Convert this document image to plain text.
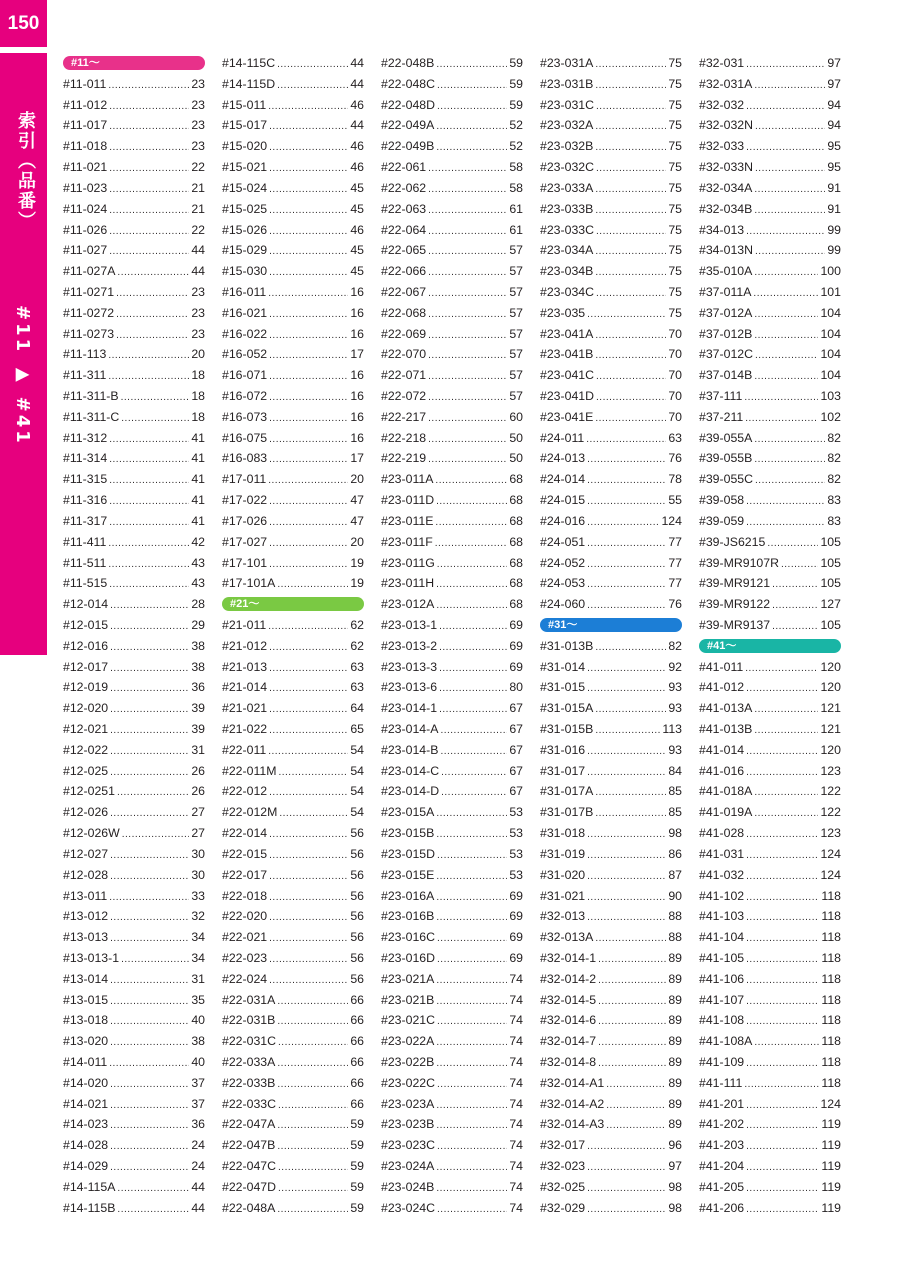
150
索引（品番）
#11 ▶ #41
#11〜
#11-011 .....	23
#11-012 .....	23
#11-017 .....	23
#11-018 .....	23
#11-021 .....	22
#11-023 .....	21
#11-024 .....	21
#11-026 .....	22
#11-027 .....	44
#11-027A .....	44
#11-0271 .....	23
#11-0272 .....	23
#11-0273 .....	23
#11-113 .....	20
#11-311 .....	18
#11-311-B .....	18
#11-311-C .....	18
#11-312 .....	41
#11-314 .....	41
#11-315 .....	41
#11-316 .....	41
#11-317 .....	41
#11-411 .....	42
#11-511 .....	43
#11-515 .....	43
#12-014 .....	28
#12-015 .....	29
#12-016 .....	38
#12-017 .....	38
#12-019 .....	36
#12-020 .....	39
#12-021 .....	39
#12-022 .....	31
#12-025 .....	26
#12-0251 .....	26
#12-026 .....	27
#12-026W .....	27
#12-027 .....	30
#12-028 .....	30
#13-011 .....	33
#13-012 .....	32
#13-013 .....	34
#13-013-1 .....	34
#13-014 .....	31
#13-015 .....	35
#13-018 .....	40
#13-020 .....	38
#14-011 .....	40
#14-020 .....	37
#14-021 .....	37
#14-023 .....	36
#14-028 .....	24
#14-029 .....	24
#14-115A .....	44
#14-115B .....	44
#14-115C .....	44
#14-115D .....	44
#15-011 .....	46
#15-017 .....	44
#15-020 .....	46
#15-021 .....	46
#15-024 .....	45
#15-025 .....	45
#15-026 .....	46
#15-029 .....	45
#15-030 .....	45
#16-011 .....	16
#16-021 .....	16
#16-022 .....	16
#16-052 .....	17
#16-071 .....	16
#16-072 .....	16
#16-073 .....	16
#16-075 .....	16
#16-083 .....	17
#17-011 .....	20
#17-022 .....	47
#17-026 .....	47
#17-027 .....	20
#17-101 .....	19
#17-101A .....	19
#21〜
#21-011 .....	62
#21-012 .....	62
#21-013 .....	63
#21-014 .....	63
#21-021 .....	64
#21-022 .....	65
#22-011 .....	54
#22-011M .....	54
#22-012 .....	54
#22-012M .....	54
#22-014 .....	56
#22-015 .....	56
#22-017 .....	56
#22-018 .....	56
#22-020 .....	56
#22-021 .....	56
#22-023 .....	56
#22-024 .....	56
#22-031A .....	66
#22-031B .....	66
#22-031C .....	66
#22-033A .....	66
#22-033B .....	66
#22-033C .....	66
#22-047A .....	59
#22-047B .....	59
#22-047C .....	59
#22-047D .....	59
#22-048A .....	59
#22-048B .....	59
#22-048C .....	59
#22-048D .....	59
#22-049A .....	52
#22-049B .....	52
#22-061 .....	58
#22-062 .....	58
#22-063 .....	61
#22-064 .....	61
#22-065 .....	57
#22-066 .....	57
#22-067 .....	57
#22-068 .....	57
#22-069 .....	57
#22-070 .....	57
#22-071 .....	57
#22-072 .....	57
#22-217 .....	60
#22-218 .....	50
#22-219 .....	50
#23-011A .....	68
#23-011D .....	68
#23-011E .....	68
#23-011F .....	68
#23-011G .....	68
#23-011H .....	68
#23-012A .....	68
#23-013-1 .....	69
#23-013-2 .....	69
#23-013-3 .....	69
#23-013-6 .....	80
#23-014-1 .....	67
#23-014-A .....	67
#23-014-B .....	67
#23-014-C .....	67
#23-014-D .....	67
#23-015A .....	53
#23-015B .....	53
#23-015D .....	53
#23-015E .....	53
#23-016A .....	69
#23-016B .....	69
#23-016C .....	69
#23-016D .....	69
#23-021A .....	74
#23-021B .....	74
#23-021C .....	74
#23-022A .....	74
#23-022B .....	74
#23-022C .....	74
#23-023A .....	74
#23-023B .....	74
#23-023C .....	74
#23-024A .....	74
#23-024B .....	74
#23-024C .....	74
#23-031A .....	75
#23-031B .....	75
#23-031C .....	75
#23-032A .....	75
#23-032B .....	75
#23-032C .....	75
#23-033A .....	75
#23-033B .....	75
#23-033C .....	75
#23-034A .....	75
#23-034B .....	75
#23-034C .....	75
#23-035 .....	75
#23-041A .....	70
#23-041B .....	70
#23-041C .....	70
#23-041D .....	70
#23-041E .....	70
#24-011 .....	63
#24-013 .....	76
#24-014 .....	78
#24-015 .....	55
#24-016 .....	124
#24-051 .....	77
#24-052 .....	77
#24-053 .....	77
#24-060 .....	76
#31〜
#31-013B .....	82
#31-014 .....	92
#31-015 .....	93
#31-015A .....	93
#31-015B .....	113
#31-016 .....	93
#31-017 .....	84
#31-017A .....	85
#31-017B .....	85
#31-018 .....	98
#31-019 .....	86
#31-020 .....	87
#31-021 .....	90
#32-013 .....	88
#32-013A .....	88
#32-014-1 .....	89
#32-014-2 .....	89
#32-014-5 .....	89
#32-014-6 .....	89
#32-014-7 .....	89
#32-014-8 .....	89
#32-014-A1 .....	89
#32-014-A2 .....	89
#32-014-A3 .....	89
#32-017 .....	96
#32-023 .....	97
#32-025 .....	98
#32-029 .....	98
#32-031 .....	97
#32-031A .....	97
#32-032 .....	94
#32-032N .....	94
#32-033 .....	95
#32-033N .....	95
#32-034A .....	91
#32-034B .....	91
#34-013 .....	99
#34-013N .....	99
#35-010A .....	100
#37-011A .....	101
#37-012A .....	104
#37-012B .....	104
#37-012C .....	104
#37-014B .....	104
#37-111 .....	103
#37-211 .....	102
#39-055A .....	82
#39-055B .....	82
#39-055C .....	82
#39-058 .....	83
#39-059 .....	83
#39-JS6215 .....	105
#39-MR9107R .....	105
#39-MR9121 .....	105
#39-MR9122 .....	127
#39-MR9137 .....	105
#41〜
#41-011 .....	120
#41-012 .....	120
#41-013A .....	121
#41-013B .....	121
#41-014 .....	120
#41-016 .....	123
#41-018A .....	122
#41-019A .....	122
#41-028 .....	123
#41-031 .....	124
#41-032 .....	124
#41-102 .....	118
#41-103 .....	118
#41-104 .....	118
#41-105 .....	118
#41-106 .....	118
#41-107 .....	118
#41-108 .....	118
#41-108A .....	118
#41-109 .....	118
#41-111 .....	118
#41-201 .....	124
#41-202 .....	119
#41-203 .....	119
#41-204 .....	119
#41-205 .....	119
#41-206 .....	119
